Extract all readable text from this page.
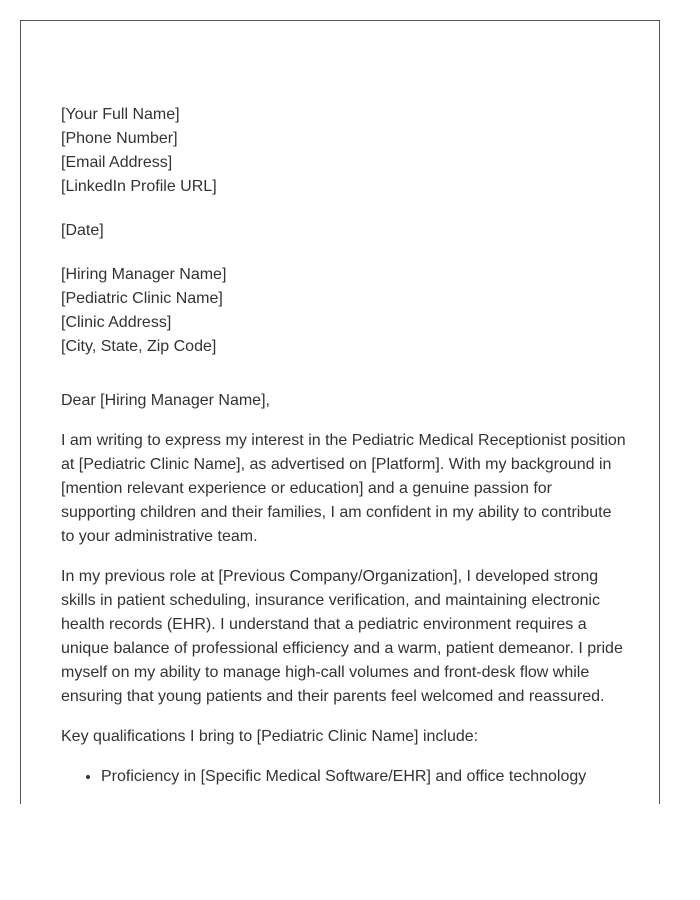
[Your Full Name]
[Phone Number]
[Email Address]
[LinkedIn Profile URL]
[Date]
[Hiring Manager Name]
[Pediatric Clinic Name]
[Clinic Address]
[City, State, Zip Code]

Dear [Hiring Manager Name],

I am writing to express my interest in the Pediatric Medical Receptionist position at [Pediatric Clinic Name], as advertised on [Platform]. With my background in [mention relevant experience or education] and a genuine passion for supporting children and their families, I am confident in my ability to contribute to your administrative team.

In my previous role at [Previous Company/Organization], I developed strong skills in patient scheduling, insurance verification, and maintaining electronic health records (EHR). I understand that a pediatric environment requires a unique balance of professional efficiency and a warm, patient demeanor. I pride myself on my ability to manage high-call volumes and front-desk flow while ensuring that young patients and their parents feel welcomed and reassured.

Key qualifications I bring to [Pediatric Clinic Name] include:

• Proficiency in [Specific Medical Software/EHR] and office technology
